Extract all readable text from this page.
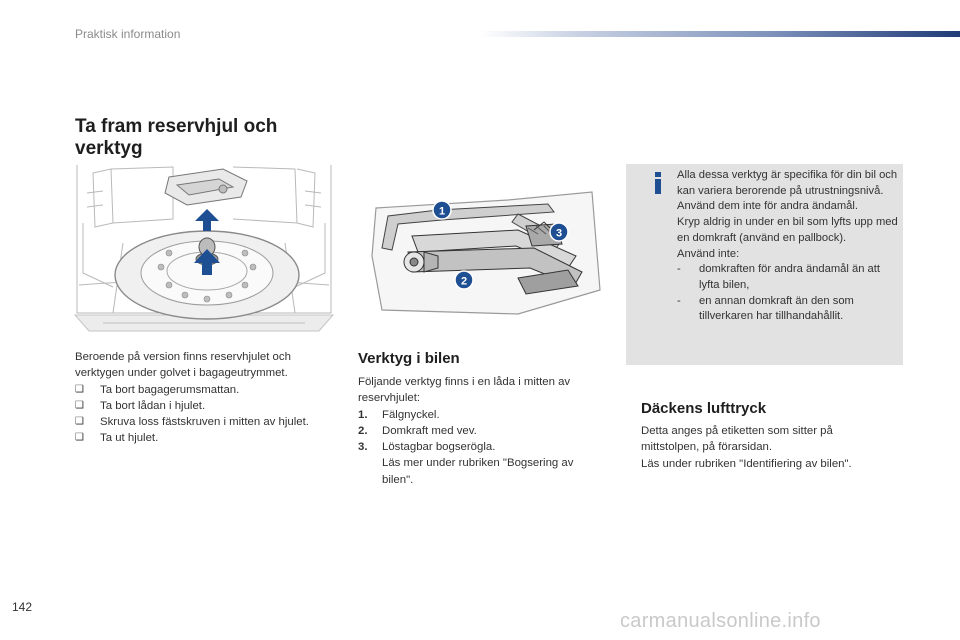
Praktisk information
Ta fram reservhjul och verktyg
1
2
3
Beroende på version finns reservhjulet och verktygen under golvet i bagageutrymmet.
❑ Ta bort bagagerumsmattan.
❑ Ta bort lådan i hjulet.
❑ Skruva loss fästskruven i mitten av hjulet.
❑ Ta ut hjulet.
Verktyg i bilen
Följande verktyg finns i en låda i mitten av reservhjulet:
1. Fälgnyckel.
2. Domkraft med vev.
3. Löstagbar bogserögla.
Läs mer under rubriken "Bogsering av bilen".
Alla dessa verktyg är specifika för din bil och kan variera berorende på utrustningsnivå. Använd dem inte för andra ändamål.
Kryp aldrig in under en bil som lyfts upp med en domkraft (använd en pallbock).
Använd inte:
- domkraften för andra ändamål än att lyfta bilen,
- en annan domkraft än den som tillverkaren har tillhandahållit.
Däckens lufttryck
Detta anges på etiketten som sitter på mittstolpen, på förarsidan.
Läs under rubriken "Identifiering av bilen".
142
carmanualsonline.info
